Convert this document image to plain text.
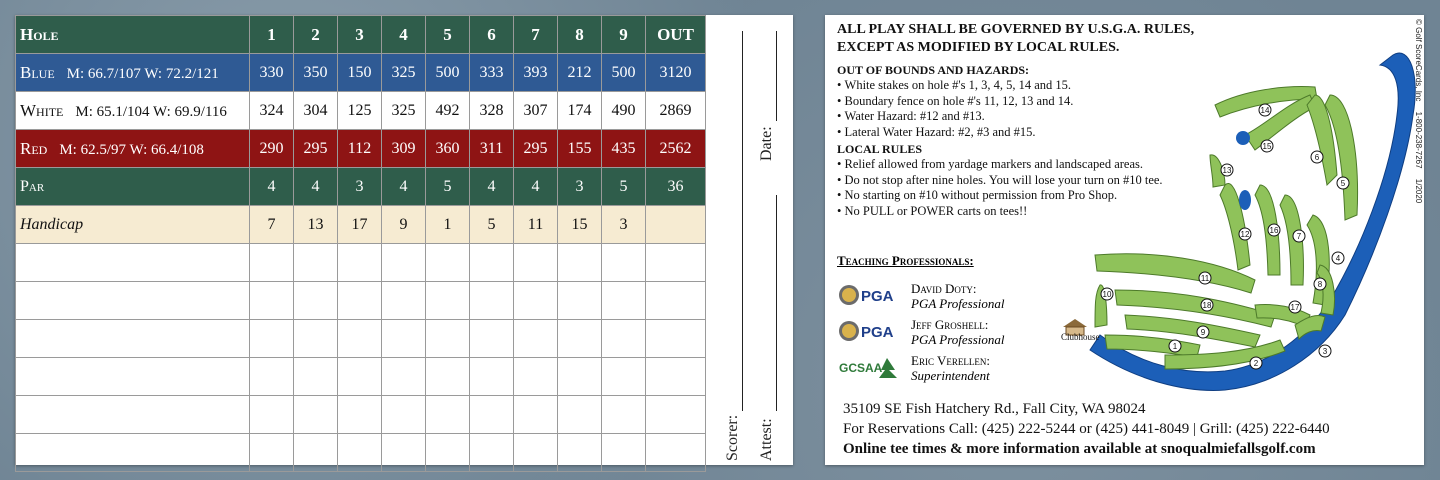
Hole	1	2	3	4	5	6	7	8	9	OUT
Blue M: 66.7/107 W: 72.2/121	330	350	150	325	500	333	393	212	500	3120
White M: 65.1/104 W: 69.9/116	324	304	125	325	492	328	307	174	490	2869
Red M: 62.5/97 W: 66.4/108	290	295	112	309	360	311	295	155	435	2562
Par	4	4	3	4	5	4	4	3	5	36
Handicap	7	13	17	9	1	5	11	15	3	

Scorer:
Date:
Attest:
ALL PLAY SHALL BE GOVERNED BY U.S.G.A. RULES,
EXCEPT AS MODIFIED BY LOCAL RULES.
OUT OF BOUNDS AND HAZARDS:
• White stakes on hole #'s 1, 3, 4, 5, 14 and 15.
• Boundary fence on hole #'s 11, 12, 13 and 14.
• Water Hazard: #12 and #13.
• Lateral Water Hazard: #2, #3 and #15.
LOCAL RULES
• Relief allowed from yardage markers and landscaped areas.
• Do not stop after nine holes. You will lose your turn on #10 tee.
• No starting on #10 without permission from Pro Shop.
• No PULL or POWER carts on tees!!
Teaching Professionals:
PGA David Doty:
PGA Professional
PGA Jeff Groshell:
PGA Professional
GCSAA Eric Verellen:
Superintendent
1
2
3
4
5
6
7
8
9
10
11
12
13
14
15
16
17
18
Clubhouse
© Golf ScoreCards, Inc 1-800-238-7267 1/2020
35109 SE Fish Hatchery Rd., Fall City, WA 98024
For Reservations Call: (425) 222-5244 or (425) 441-8049 | Grill: (425) 222-6440
Online tee times & more information available at snoqualmiefallsgolf.com
